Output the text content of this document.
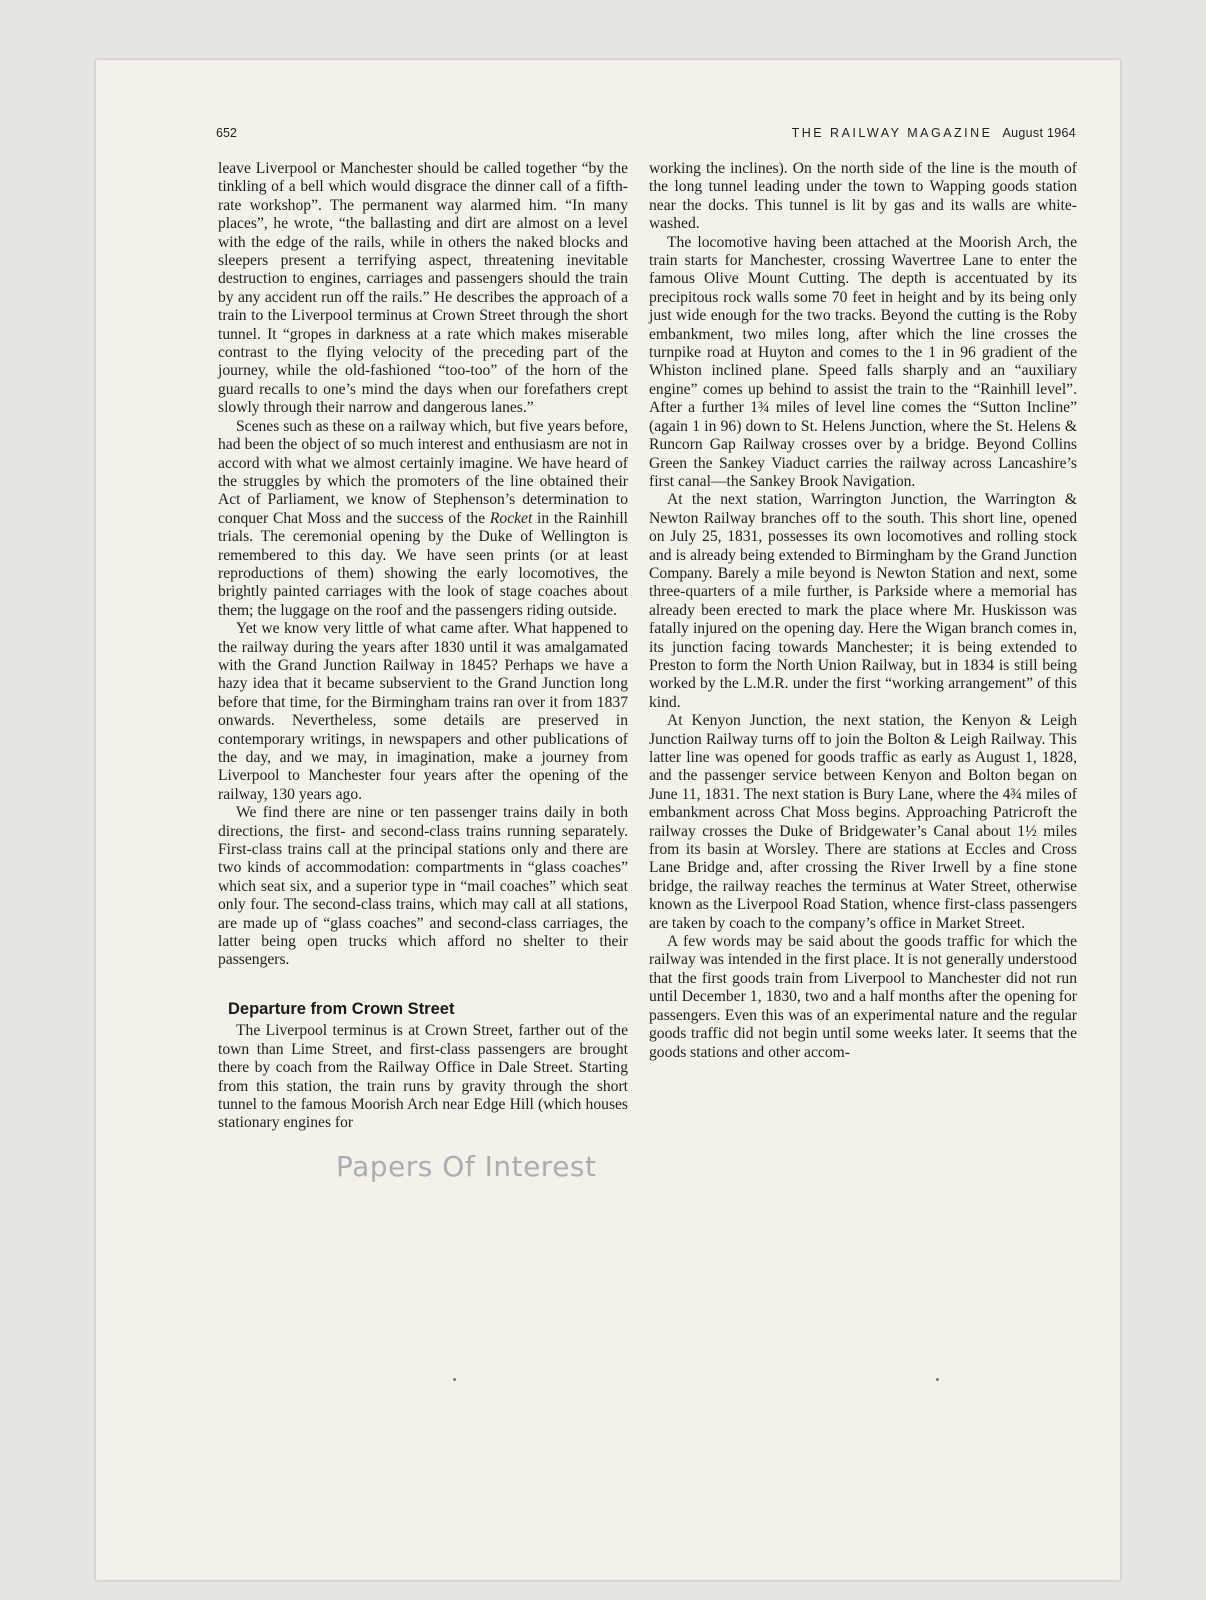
652	THE RAILWAY MAGAZINE August 1964

leave Liverpool or Manchester should be called together “by the tinkling of a bell which would disgrace the dinner call of a fifth-rate workshop”. The permanent way alarmed him. “In many places”, he wrote, “the ballasting and dirt are almost on a level with the edge of the rails, while in others the naked blocks and sleepers present a terrifying aspect, threatening inevitable destruction to engines, carriages and passengers should the train by any accident run off the rails.” He describes the approach of a train to the Liverpool terminus at Crown Street through the short tunnel. It “gropes in darkness at a rate which makes miserable contrast to the flying velocity of the preceding part of the journey, while the old-fashioned “too-too” of the horn of the guard recalls to one’s mind the days when our forefathers crept slowly through their narrow and dangerous lanes.”

Scenes such as these on a railway which, but five years before, had been the object of so much interest and enthusiasm are not in accord with what we almost certainly imagine. We have heard of the struggles by which the promoters of the line obtained their Act of Parliament, we know of Stephenson’s determination to conquer Chat Moss and the success of the Rocket in the Rainhill trials. The ceremonial opening by the Duke of Wellington is remembered to this day. We have seen prints (or at least reproductions of them) showing the early locomotives, the brightly painted carriages with the look of stage coaches about them; the luggage on the roof and the passengers riding outside.

Yet we know very little of what came after. What happened to the railway during the years after 1830 until it was amalgamated with the Grand Junction Railway in 1845? Perhaps we have a hazy idea that it became subservient to the Grand Junction long before that time, for the Birmingham trains ran over it from 1837 onwards. Nevertheless, some details are preserved in contemporary writings, in newspapers and other publications of the day, and we may, in imagination, make a journey from Liverpool to Manchester four years after the opening of the railway, 130 years ago.

We find there are nine or ten passenger trains daily in both directions, the first- and second-class trains running separately. First-class trains call at the principal stations only and there are two kinds of accommodation: compartments in “glass coaches” which seat six, and a superior type in “mail coaches” which seat only four. The second-class trains, which may call at all stations, are made up of “glass coaches” and second-class carriages, the latter being open trucks which afford no shelter to their passengers.

Departure from Crown Street

The Liverpool terminus is at Crown Street, farther out of the town than Lime Street, and first-class passengers are brought there by coach from the Railway Office in Dale Street. Starting from this station, the train runs by gravity through the short tunnel to the famous Moorish Arch near Edge Hill (which houses stationary engines for

working the inclines). On the north side of the line is the mouth of the long tunnel leading under the town to Wapping goods station near the docks. This tunnel is lit by gas and its walls are white-washed.

The locomotive having been attached at the Moorish Arch, the train starts for Manchester, crossing Wavertree Lane to enter the famous Olive Mount Cutting. The depth is accentuated by its precipitous rock walls some 70 feet in height and by its being only just wide enough for the two tracks. Beyond the cutting is the Roby embankment, two miles long, after which the line crosses the turnpike road at Huyton and comes to the 1 in 96 gradient of the Whiston inclined plane. Speed falls sharply and an “auxiliary engine” comes up behind to assist the train to the “Rainhill level”. After a further 1¾ miles of level line comes the “Sutton Incline” (again 1 in 96) down to St. Helens Junction, where the St. Helens & Runcorn Gap Railway crosses over by a bridge. Beyond Collins Green the Sankey Viaduct carries the railway across Lancashire’s first canal—the Sankey Brook Navigation.

At the next station, Warrington Junction, the Warrington & Newton Railway branches off to the south. This short line, opened on July 25, 1831, possesses its own locomotives and rolling stock and is already being extended to Birmingham by the Grand Junction Company. Barely a mile beyond is Newton Station and next, some three-quarters of a mile further, is Parkside where a memorial has already been erected to mark the place where Mr. Huskisson was fatally injured on the opening day. Here the Wigan branch comes in, its junction facing towards Manchester; it is being extended to Preston to form the North Union Railway, but in 1834 is still being worked by the L.M.R. under the first “working arrangement” of this kind.

At Kenyon Junction, the next station, the Kenyon & Leigh Junction Railway turns off to join the Bolton & Leigh Railway. This latter line was opened for goods traffic as early as August 1, 1828, and the passenger service between Kenyon and Bolton began on June 11, 1831. The next station is Bury Lane, where the 4¾ miles of embankment across Chat Moss begins. Approaching Patricroft the railway crosses the Duke of Bridgewater’s Canal about 1½ miles from its basin at Worsley. There are stations at Eccles and Cross Lane Bridge and, after crossing the River Irwell by a fine stone bridge, the railway reaches the terminus at Water Street, otherwise known as the Liverpool Road Station, whence first-class passengers are taken by coach to the company’s office in Market Street.

A few words may be said about the goods traffic for which the railway was intended in the first place. It is not generally understood that the first goods train from Liverpool to Manchester did not run until December 1, 1830, two and a half months after the opening for passengers. Even this was of an experimental nature and the regular goods traffic did not begin until some weeks later. It seems that the goods stations and other accom-

Papers Of Interest
